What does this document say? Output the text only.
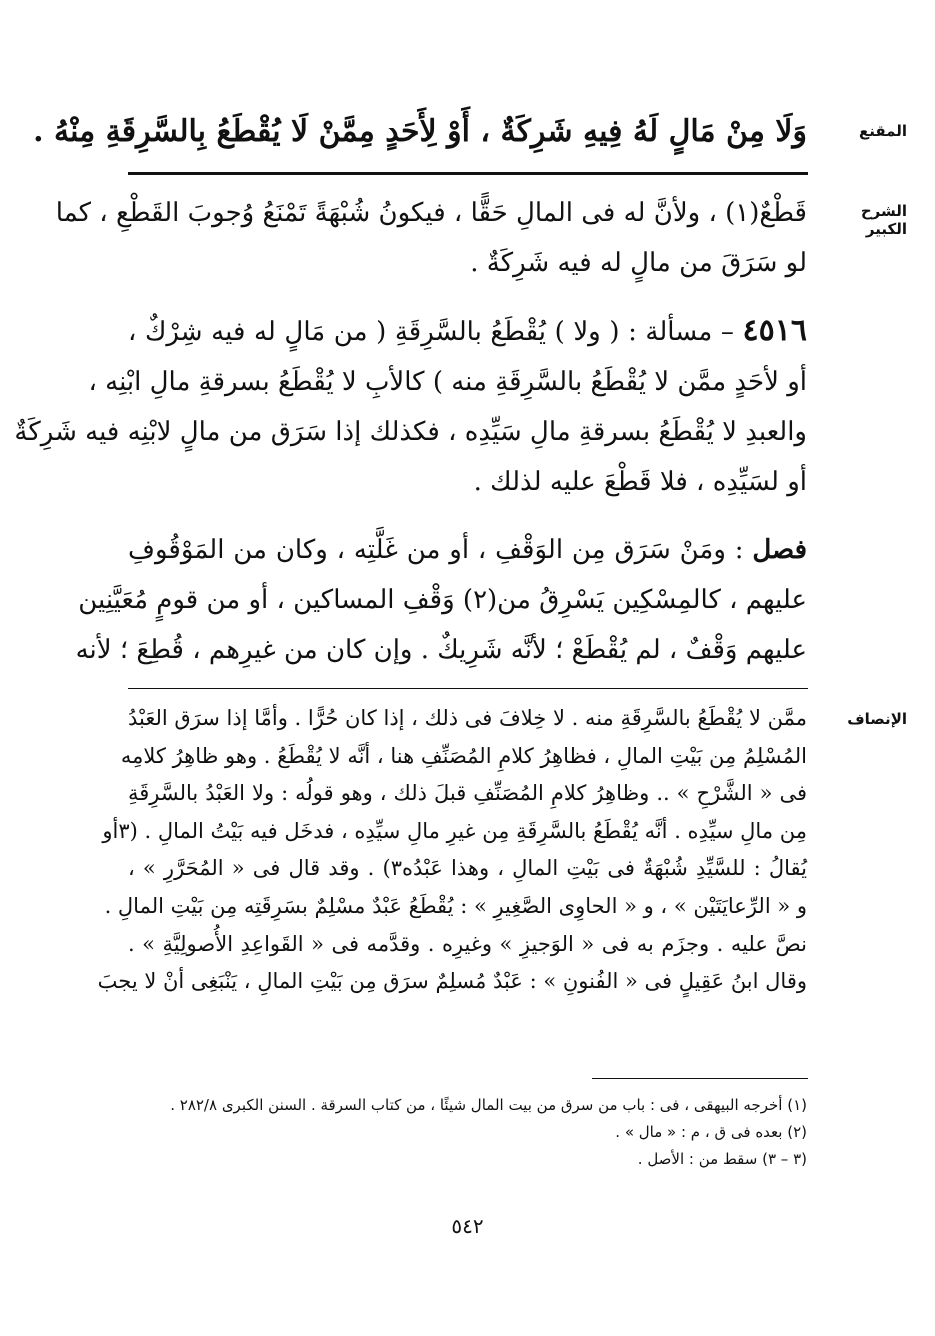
المقنع
وَلَا مِنْ مَالٍ لَهُ فِيهِ شَرِكَةٌ ، أَوْ لِأَحَدٍ مِمَّنْ لَا يُقْطَعُ بِالسَّرِقَةِ مِنْهُ .
الشرح الكبير
قَطْعٌ(١) ، ولأنَّ له فى المالِ حَقًّا ، فيكونُ شُبْهَةً تَمْنَعُ وُجوبَ القَطْعِ ، كما
لو سَرَقَ من مالٍ له فيه شَرِكَةٌ .
٤٥١٦ – مسألة : ( ولا ) يُقْطَعُ بالسَّرِقَةِ ( من مَالٍ له فيه شِرْكٌ ،
أو لأحَدٍ ممَّن لا يُقْطَعُ بالسَّرِقَةِ منه ) كالأبِ لا يُقْطَعُ بسرقةِ مالِ ابْنِه ،
والعبدِ لا يُقْطَعُ بسرقةِ مالِ سَيِّدِه ، فكذلك إذا سَرَق من مالٍ لابْنِه فيه شَرِكَةٌ
أو لسَيِّدِه ، فلا قَطْعَ عليه لذلك .
فصل : ومَنْ سَرَق مِن الوَقْفِ ، أو من غَلَّتِه ، وكان من المَوْقُوفِ
عليهم ، كالمِسْكِين يَسْرِقُ من(٢) وَقْفِ المساكين ، أو من قومٍ مُعَيَّنِين
عليهم وَقْفٌ ، لم يُقْطَعْ ؛ لأنَّه شَرِيكٌ . وإن كان من غيرِهم ، قُطِعَ ؛ لأنه
الإنصاف
ممَّن لا يُقْطَعُ بالسَّرِقَةِ منه . لا خِلافَ فى ذلك ، إذا كان حُرًّا . وأمَّا إذا سرَق العَبْدُ
المُسْلِمُ مِن بَيْتِ المالِ ، فظاهِرُ كلامِ المُصَنِّفِ هنا ، أنَّه لا يُقْطَعُ . وهو ظاهِرُ كلامِه
فى « الشَّرْحِ » .. وظاهِرُ كلامِ المُصَنِّفِ قبلَ ذلك ، وهو قولُه : ولا العَبْدُ بالسَّرِقَةِ
مِن مالِ سيِّدِه . أنَّه يُقْطَعُ بالسَّرِقَةِ مِن غيرِ مالِ سيِّدِه ، فدخَل فيه بَيْتُ المالِ . (٣أو
يُقالُ : للسَّيِّدِ شُبْهَةٌ فى بَيْتِ المالِ ، وهذا عَبْدُه٣) . وقد قال فى « المُحَرَّرِ » ،
و « الرِّعايَتَيْن » ، و « الحاوِى الصَّغِيرِ » : يُقْطَعُ عَبْدٌ مسْلِمٌ بسَرِقَتِه مِن بَيْتِ المالِ .
نصَّ عليه . وجزَم به فى « الوَجيزِ » وغيرِه . وقدَّمه فى « القَواعِدِ الأُصولِيَّةِ » .
وقال ابنُ عَقِيلٍ فى « الفُنونِ » : عَبْدٌ مُسلِمٌ سرَق مِن بَيْتِ المالِ ، يَنْبَغِى أنْ لا يجبَ
(١) أخرجه البيهقى ، فى : باب من سرق من بيت المال شيئًا ، من كتاب السرقة . السنن الكبرى ٢٨٢/٨ .
(٢) بعده فى ق ، م : « مال » .
(٣ – ٣) سقط من : الأصل .
٥٤٢
